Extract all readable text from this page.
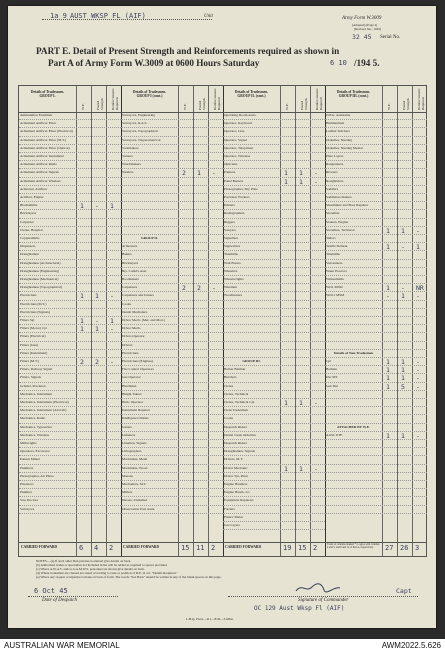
1a 9 AUST WKSP FL (AIF)	Unit	Army Form W.3009
(Adapted) (Page 2)
(Revised Jan., 1945)
32 45 Serial No.
PART E. Detail of Present Strength and Reinforcements required as shown in
Part A of Army Form W.3009 at 0600 Hours Saturday	6 10 /194 5.
Details of Tradesmen.
GROUP I.
W.E.	Posted Strength. Reinforcements Required.
Ammunition Examiner
Armament Artificer Fitter
Armament Artificer Fitter (Electrical)
Armament Artificer Fitter (M.T.)
Armament Artificer Fitter (Optical)
Armament Artificer Instrument
Armament Artificer Radio
Armament Artificer Signals
Armament Artificer Wireless
Armourer, Artificer
Artificer, Engine
Blacksmiths	1 - 1
Bricklayers
Carpenter
Clerks, Hospital
Coppersmiths
Dispensers
Draughtsmen
Draughtsmen (Architectural)
Draughtsmen (Engineering)
Draughtsmen (Mechanical)
Draughtsmen (Topographical)
Electricians	1 1 -
Electricians (M.T.)
Electricians (Signals)
Fitters Sgt	1 - 1
Fitters (Motor) Cpl	1 1 -
Fitters (Electrical)
Fitters (Gun)
Fitters (Instrument)
Fitters (M.T.)	2 2 -
Fitters, Railway Signal
Fitters, Signals
Grinder, Precision
Mechanics, Instrument
Mechanics, Instrument (Electrical)
Mechanics, Instrument (Aircraft)
Mechanics, Radio
Mechanics, Typewriter
Mechanics, Wireless
Millwrights
Operators, Excavator
Pattern Maker
Plumbers
Photographer, Air Photo
Plasterers
Plumber
Saw Doctors
Surveyors
Details of Tradesmen.
GROUP I (cont.)
W.E.	Posted Strength. Reinforcements Required.
Surveyors, Engineering
Surveyors, R.A.S.
Surveyors, Topographical
Surveyors, Trigonometrical
Toolmakers
Turners
Watchmakers
Welders	2 1 -
GROUP II.
Armourers
Bakers
Bricklayers
Bty. Comd's Asst.
Bootmakers
Carpenters	2 2 -
Carpenters and Joiners
Cooks
Dental Mechanics
Driver Mech. (Met. and Mod.)
Driver Mech.
Driver-Operator
Drivers
Electricians
Electricians (Engines)
Fire Control Operators
Gas Operator
Hatchmen
Height Takers
Hollo Operator
Instrument Repairer
Intelligence Duties
Joiners
Limeners
Linemen, Signals
Lithographers
Machinists, Metal
Machinists, Wood
Masons
Mechanists, M.T.
Millers
Nurses, Unskilled
Observation Post Assts.
Details of Tradesmen.
GROUP II. (cont.)
W.E.	Posted Strength. Reinforcements Required.
Operating Room Assts.
Operator, Keyboard
Operator, Line
Operator, Signal
Operator, Teleprinter
Operator, Wireless
Opticians
Painters	1 1 -
Panel Beaters	1 1 -
Photographer, Dry Plate
Precision Workers
Printers
Radiographers
Riggers
Sawyers
Signallers
Signwriters
Tinsmiths
Wall Borers
Wheelers
Wheelwrights
Wiremen
Woodturners
GROUP III.
Barber Batman
Butchers
Clerks
Clerks, Technical
Clerks, Technical Cpl	1 1 -
Clerk Tradesmen
Cooks
Despatch Riders
Dental Clerk Orderlies
Despatch Riders
Draughtsmen, Signals
Drivers, M.T.
Driver Mechanic	1 1 -
Driver Tpr, Plant
Engine Handlers
Engine Hands, I.C.
Equipment Repairers
Farriers
Fitters' Mates
Gas Layers
Details of Tradesmen.
GROUP III. (cont.)
W.E.	Posted Strength. Reinforcements Required.
O.P.G. Assistants
Hammermen
Leather Stitchers
Orderlies, Nursing
Orderlies, Nursing Mental
Plate Layers
Rangetakers
Riveters
Roughriders
Saddlers
Saddletree makers
Shoemaker and Boot Repairer
Storemen
Stokers, Engine
Storemen, Technical	1 1 -
Tailors
Textile Deftask	1 - 1
Tinsmiths
Vulcanisers
Water Erectors
Whitesmiths
WO1 MSM	1 - NR
WO11 MSM	- 1 -
Details of Non-Tradesmen
Cpl	1 1 -
Batman	1 1 -
Dvr MT	1 1 -
Gen Dut	1 5 -
ATTACHED BY W.E.
AASC PTE	1 1 -
CARRIED FORWARD	6 4 2	CARRIED FORWARD	15 11 2	CARRIED FORWARD	19 15 2	Totals of columns marked * to agree with columns 4 and 5, and 6 and 12 of Part A, respectively.	27 26 3
NOTES.—(a) If such other than privates is entered give details on back.
(b) Authorised trades or specialists not included in list will be added as required to spaces provided.
(c) Where A.W.A.S. and/or A.A.M.W.S. personnel are shown give details on back.
(d) Where tradesmen are classed are stated according to rates or position of R.E. in col. "Details Required."
(e) Where any request or injustice is made on back of form. The words "See Back" should be written in any of the blank spaces on this page.
6 Oct 45
Date of Despatch
Capt
Signature of Commander
OC 129 Aust Wksp Fl (AIF)
L.H.Q. Press—411—8/45—3120m.
AUSTRALIAN WAR MEMORIAL	AWM2022.5.626
